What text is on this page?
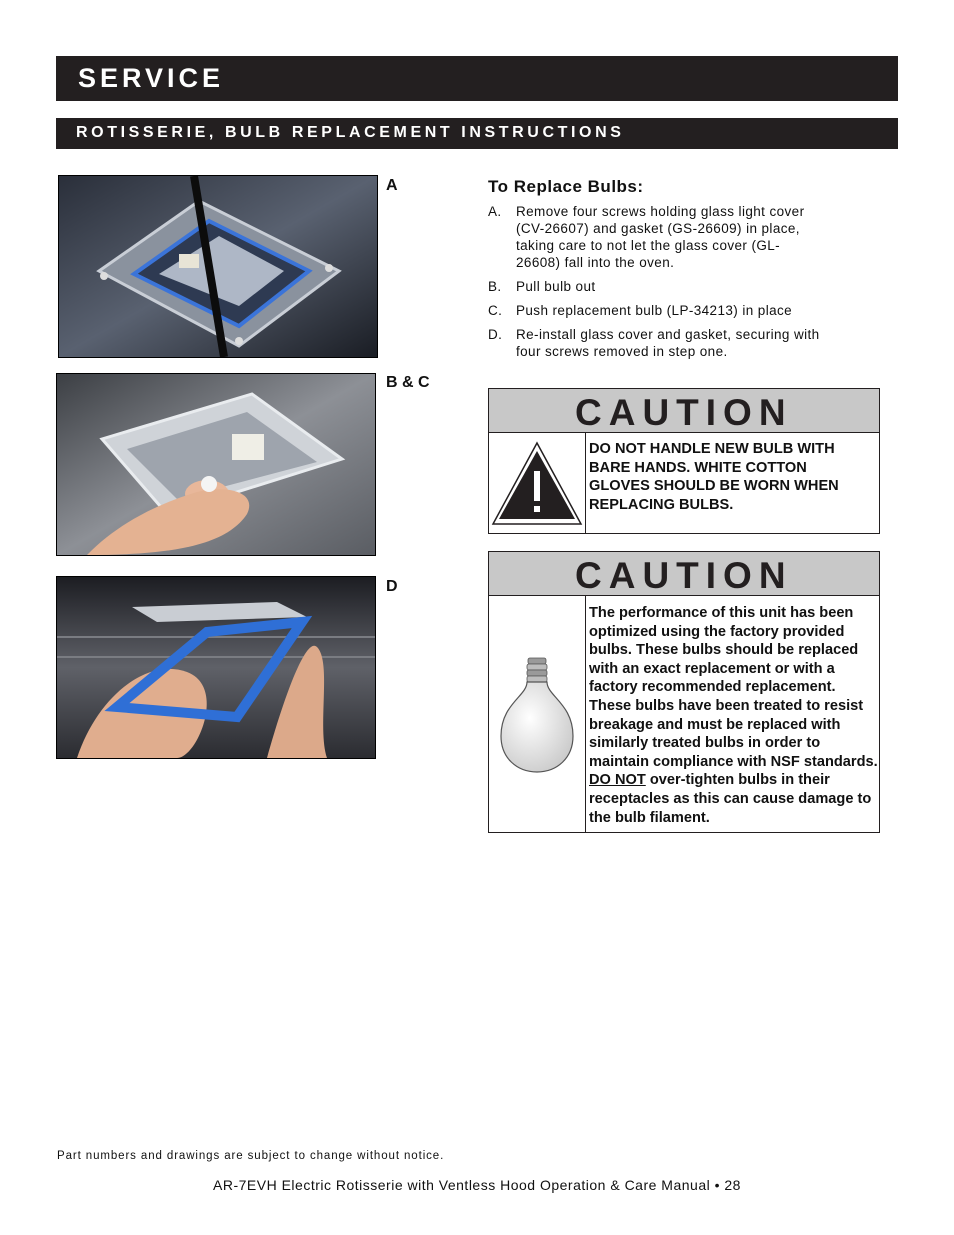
SERVICE
ROTISSERIE, BULB REPLACEMENT INSTRUCTIONS
A
B & C
D
To Replace Bulbs:
A. Remove four screws holding glass light cover (CV-26607) and gasket (GS-26609) in place, taking care to not let the glass cover (GL-26608) fall into the oven.
B. Pull bulb out
C. Push replacement bulb (LP-34213) in place
D. Re-install glass cover and gasket, securing with four screws removed in step one.
CAUTION
DO NOT HANDLE NEW BULB WITH BARE HANDS. WHITE COTTON GLOVES SHOULD BE WORN WHEN REPLACING BULBS.
CAUTION
The performance of this unit has been optimized using the factory provided bulbs. These bulbs should be replaced with an exact replacement or with a factory recommended replacement. These bulbs have been treated to resist breakage and must be replaced with similarly treated bulbs in order to maintain compliance with NSF standards. DO NOT over-tighten bulbs in their receptacles as this can cause damage to the bulb filament.
Part numbers and drawings are subject to change without notice.
AR-7EVH Electric Rotisserie with Ventless Hood Operation & Care Manual • 28
